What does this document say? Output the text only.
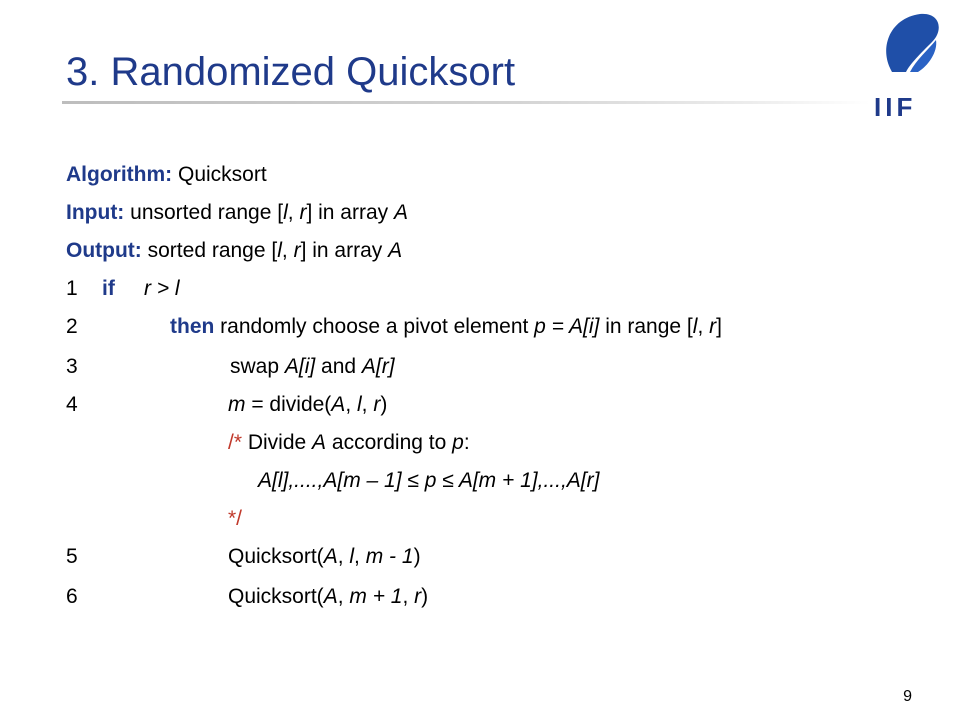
3. Randomized Quicksort
IIF
Algorithm: Quicksort
Input: unsorted range [l, r] in array A
Output: sorted range [l, r] in array A
1 if r > l
2	then randomly choose a pivot element p = A[i] in range [l, r]
3	swap A[i] and A[r]
4	m = divide(A, l, r)
/* Divide A according to p:
A[l],....,A[m – 1] ≤ p ≤ A[m + 1],...,A[r]
*/
5	Quicksort(A, l, m - 1)
6	Quicksort(A, m + 1, r)
9
